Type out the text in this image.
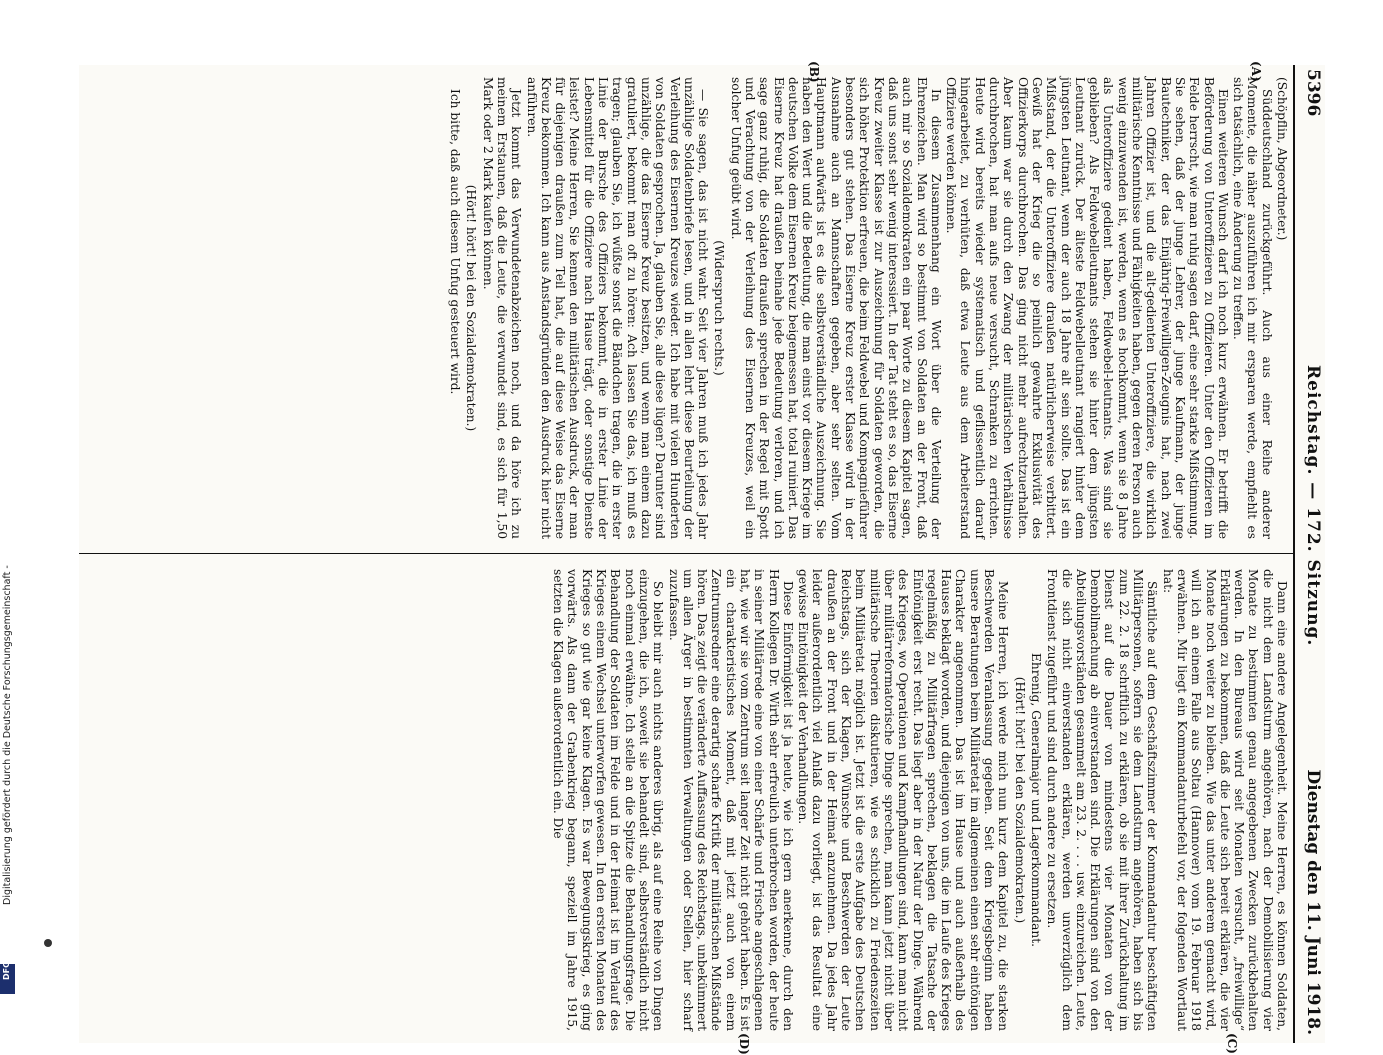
5396
Reichstag. — 172. Sitzung.
Dienstag den 11. Juni 1918.
(A)
(B)
(C)
(D)

(Schöpflin, Abgeordneter.)

Süddeutschland zurückgeführt. Auch aus einer Reihe anderer Momente, die näher auszuführen ich mir ersparen werde, empfiehlt es sich tatsächlich, eine Änderung zu treffen.

Einen weiteren Wunsch darf ich noch kurz erwähnen. Er betrifft die Beförderung von Unteroffizieren zu Offizieren. Unter den Offizieren im Felde herrscht, wie man ruhig sagen darf, eine sehr starke Mißstimmung. Sie sehen, daß der junge Lehrer, der junge Kaufmann, der junge Bautechniker, der das Einjährig-Freiwilligen-Zeugnis hat, nach zwei Jahren Offizier ist, und die alt-gedienten Unteroffiziere, die wirklich militärische Kenntnisse und Fähigkeiten haben, gegen deren Person auch wenig einzuwenden ist, werden, wenn es hochkommt, wenn sie 8 Jahre als Unteroffiziere gedient haben, Feldwebel-leutnants. Was sind sie geblieben? Als Feldwebelleutnants stehen sie hinter dem jüngsten Leutnant zurück. Der älteste Feldwebelleutnant rangiert hinter dem jüngsten Leutnant, wenn der auch 18 Jahre alt sein sollte. Das ist ein Mißstand, der die Unteroffiziere draußen natürlicherweise verbittert. Gewiß hat der Krieg die so peinlich gewahrte Exklusivität des Offizierkorps durchbrochen. Das ging nicht mehr aufrechtzuerhalten. Aber kaum war sie durch den Zwang der militärischen Verhältnisse durchbrochen, hat man aufs neue versucht, Schranken zu errichten. Heute wird bereits wieder systematisch und geflissentlich darauf hingearbeitet, zu verhüten, daß etwa Leute aus dem Arbeiterstand Offiziere werden können.

In diesem Zusammenhang ein Wort über die Verteilung der Ehrenzeichen. Man wird so bestimmt von Soldaten an der Front, daß auch mir so Sozialdemokraten ein paar Worte zu diesem Kapitel sagen, daß uns sonst sehr wenig interessiert. In der Tat steht es so, das Eiserne Kreuz zweiter Klasse ist zur Auszeichnung für Soldaten geworden, die sich höher Protektion erfreuen, die beim Feldwebel und Kompagnieführer besonders gut stehen. Das Eiserne Kreuz erster Klasse wird in der Ausnahme auch an Mannschaften gegeben, aber sehr selten. Vom Hauptmann aufwärts ist es die selbstverständliche Auszeichnung. Sie haben den Wert und die Bedeutung, die man einst vor diesem Kriege im deutschen Volke dem Eisernen Kreuz beigemessen hat, total ruiniert. Das Eiserne Kreuz hat draußen beinahe jede Bedeutung verloren, und ich sage ganz ruhig, die Soldaten draußen sprechen in der Regel mit Spott und Verachtung von der Verleihung des Eisernen Kreuzes, weil ein solcher Unfug geübt wird.

(Widerspruch rechts.)

— Sie sagen, das ist nicht wahr. Seit vier Jahren muß ich jedes Jahr unzählige Soldatenbriefe lesen, und in allen lehrt diese Beurteilung der Verleihung des Eisernen Kreuzes wieder. Ich habe mit vielen Hunderten von Soldaten gesprochen. Ja, glauben Sie, alle diese lügen? Darunter sind unzählige, die das Eiserne Kreuz besitzen, und wenn man einem dazu gratuliert, bekommt man oft zu hören: Ach lassen Sie das, ich muß es tragen; glauben Sie, ich wüßte sonst die Bändchen tragen, die in erster Linie der Bursche des Offiziers bekommt, die in erster Linie der Lebensmittel für die Offiziere nach Hause trägt, oder sonstige Dienste leistet? Meine Herren, Sie kennen den militärischen Ausdruck, der man für diejenigen draußen zum Teil hat, die auf diese Weise das Eiserne Kreuz bekommen. Ich kann aus Anstandsgründen den Ausdruck hier nicht anführen.

Jetzt kommt das Verwundetenabzeichen noch, und da höre ich zu meinem Erstaunen, daß die Leute, die verwundet sind, es sich für 1,50 Mark oder 2 Mark kaufen können.

(Hört! hört! bei den Sozialdemokraten.)

Ich bitte, daß auch diesem Unfug gesteuert wird.

Dann eine andere Angelegenheit. Meine Herren, es können Soldaten, die nicht dem Landsturm angehören, nach der Demobilisierung vier Monate zu bestimmten genau angegebenen Zwecken zurückbehalten werden. In den Bureaus wird seit Monaten versucht, „freiwillige“ Erklärungen zu bekommen, daß die Leute sich bereit erklären, die vier Monate noch weiter zu bleiben. Wie das unter anderem gemacht wird, will ich an einem Falle aus Soltau (Hannover) vom 19. Februar 1918 erwähnen. Mir liegt ein Kommandanturbefehl vor, der folgenden Wortlaut hat:

Sämtliche auf dem Geschäftszimmer der Kommandantur beschäftigten Militärpersonen, sofern sie dem Landsturm angehören, haben sich bis zum 22. 2. 18 schriftlich zu erklären, ob sie mit ihrer Zurückhaltung im Dienst auf die Dauer von mindestens vier Monaten von der Demobilmachung ab einverstanden sind. Die Erklärungen sind von den Abteilungsvorständen gesammelt am 23. 2. . . . usw. einzureichen. Leute, die sich nicht einverstanden erklären, werden unverzüglich dem Frontdienst zugeführt und sind durch andere zu ersetzen.

Ehrenig, Generalmajor und Lagerkommandant.

(Hört! hört! bei den Sozialdemokraten.)

Meine Herren, ich werde mich nun kurz dem Kapitel zu, die starken Beschwerden Veranlassung gegeben. Seit dem Kriegsbeginn haben unsere Beratungen beim Militäretat im allgemeinen einen sehr eintönigen Charakter angenommen. Das ist im Hause und auch außerhalb des Hauses beklagt worden, und diejenigen von uns, die im Laufe des Krieges regelmäßig zu Militärfragen sprechen, beklagen die Tatsache der Eintönigkeit erst recht. Das liegt aber in der Natur der Dinge. Während des Krieges, wo Operationen und Kampfhandlungen sind, kann man nicht über militärreformatorische Dinge sprechen, man kann jetzt nicht über militärische Theorien diskutieren, wie es schicklich zu Friedenszeiten beim Militäretat möglich ist. Jetzt ist die erste Aufgabe des Deutschen Reichstags, sich der Klagen, Wünsche und Beschwerden der Leute draußen an der Front und in der Heimat anzunehmen. Da jedes Jahr leider außerordentlich viel Anlaß dazu vorliegt, ist das Resultat eine gewisse Eintönigkeit der Verhandlungen.

Diese Einförmigkeit ist ja heute, wie ich gern anerkenne, durch den Herrn Kollegen Dr. Wirth sehr erfreulich unterbrochen worden, der heute in seiner Militärrede eine von einer Schärfe und Frische angeschlagenen hat, wie wir sie vom Zentrum seit langer Zeit nicht gehört haben. Es ist ein charakteristisches Moment, daß mit jetzt auch von einem Zentrumsredner eine derartig scharfe Kritik der militärischen Mißstände hören. Das zeigt die veränderte Auffassung des Reichstags, unbekümmert um allen Ärger in bestimmten Verwaltungen oder Stellen, hier scharf zuzufassen.

So bleibt mir auch nichts anderes übrig, als auf eine Reihe von Dingen einzugehen, die ich, soweit sie behandelt sind, selbstverständlich nicht noch einmal erwähne. Ich stelle an die Spitze die Behandlungsfrage. Die Behandlung der Soldaten im Felde und in der Heimat ist im Verlauf des Krieges einem Wechsel unterworfen gewesen. In den ersten Monaten des Krieges so gut wie gar keine Klagen. Es war Bewegungskrieg, es ging vorwärts. Als dann der Grabenkrieg begann, speziell im Jahre 1915, setzten die Klagen außerordentlich ein. Die

Digitalisierung gefördert durch die Deutsche Forschungsgemeinschaft -
DFG
